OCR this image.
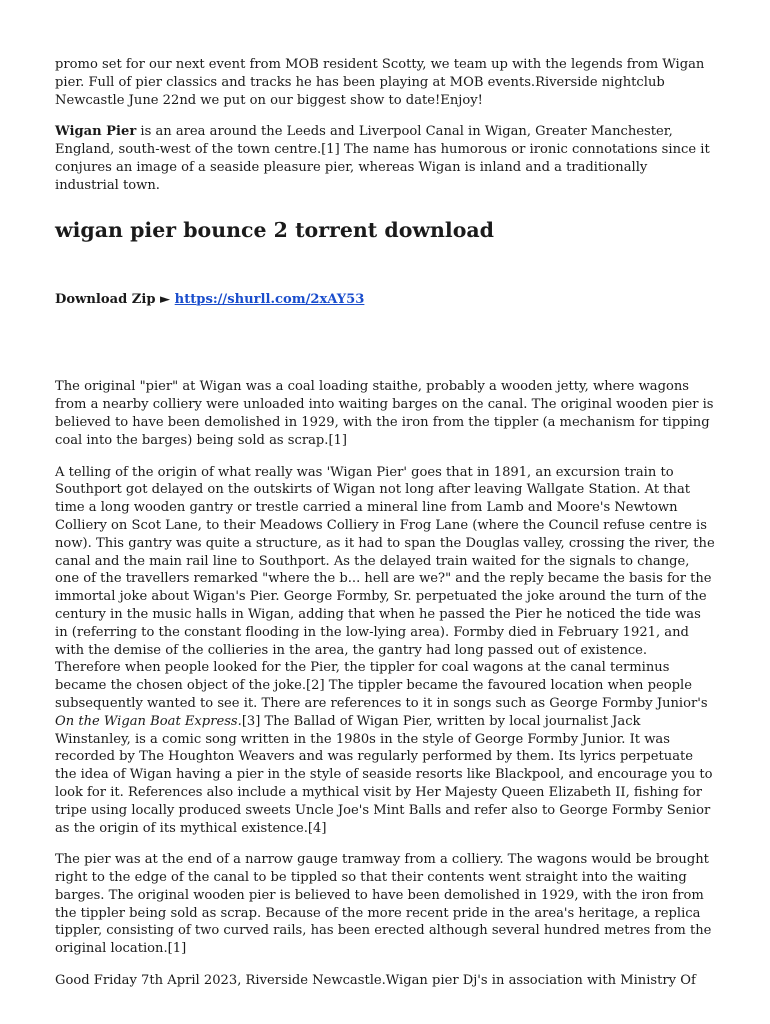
promo set for our next event from MOB resident Scotty, we team up with the legends from Wigan pier. Full of pier classics and tracks he has been playing at MOB events.Riverside nightclub Newcastle June 22nd we put on our biggest show to date!Enjoy!

Wigan Pier is an area around the Leeds and Liverpool Canal in Wigan, Greater Manchester, England, south-west of the town centre.[1] The name has humorous or ironic connotations since it conjures an image of a seaside pleasure pier, whereas Wigan is inland and a traditionally industrial town.

wigan pier bounce 2 torrent download

Download Zip ► https://shurll.com/2xAY53

The original "pier" at Wigan was a coal loading staithe, probably a wooden jetty, where wagons from a nearby colliery were unloaded into waiting barges on the canal. The original wooden pier is believed to have been demolished in 1929, with the iron from the tippler (a mechanism for tipping coal into the barges) being sold as scrap.[1]

A telling of the origin of what really was 'Wigan Pier' goes that in 1891, an excursion train to Southport got delayed on the outskirts of Wigan not long after leaving Wallgate Station. At that time a long wooden gantry or trestle carried a mineral line from Lamb and Moore's Newtown Colliery on Scot Lane, to their Meadows Colliery in Frog Lane (where the Council refuse centre is now). This gantry was quite a structure, as it had to span the Douglas valley, crossing the river, the canal and the main rail line to Southport. As the delayed train waited for the signals to change, one of the travellers remarked "where the b... hell are we?" and the reply became the basis for the immortal joke about Wigan's Pier. George Formby, Sr. perpetuated the joke around the turn of the century in the music halls in Wigan, adding that when he passed the Pier he noticed the tide was in (referring to the constant flooding in the low-lying area). Formby died in February 1921, and with the demise of the collieries in the area, the gantry had long passed out of existence. Therefore when people looked for the Pier, the tippler for coal wagons at the canal terminus became the chosen object of the joke.[2] The tippler became the favoured location when people subsequently wanted to see it. There are references to it in songs such as George Formby Junior's On the Wigan Boat Express.[3] The Ballad of Wigan Pier, written by local journalist Jack Winstanley, is a comic song written in the 1980s in the style of George Formby Junior. It was recorded by The Houghton Weavers and was regularly performed by them. Its lyrics perpetuate the idea of Wigan having a pier in the style of seaside resorts like Blackpool, and encourage you to look for it. References also include a mythical visit by Her Majesty Queen Elizabeth II, fishing for tripe using locally produced sweets Uncle Joe's Mint Balls and refer also to George Formby Senior as the origin of its mythical existence.[4]

The pier was at the end of a narrow gauge tramway from a colliery. The wagons would be brought right to the edge of the canal to be tippled so that their contents went straight into the waiting barges. The original wooden pier is believed to have been demolished in 1929, with the iron from the tippler being sold as scrap. Because of the more recent pride in the area's heritage, a replica tippler, consisting of two curved rails, has been erected although several hundred metres from the original location.[1]

Good Friday 7th April 2023, Riverside Newcastle.Wigan pier Dj's in association with Ministry Of
